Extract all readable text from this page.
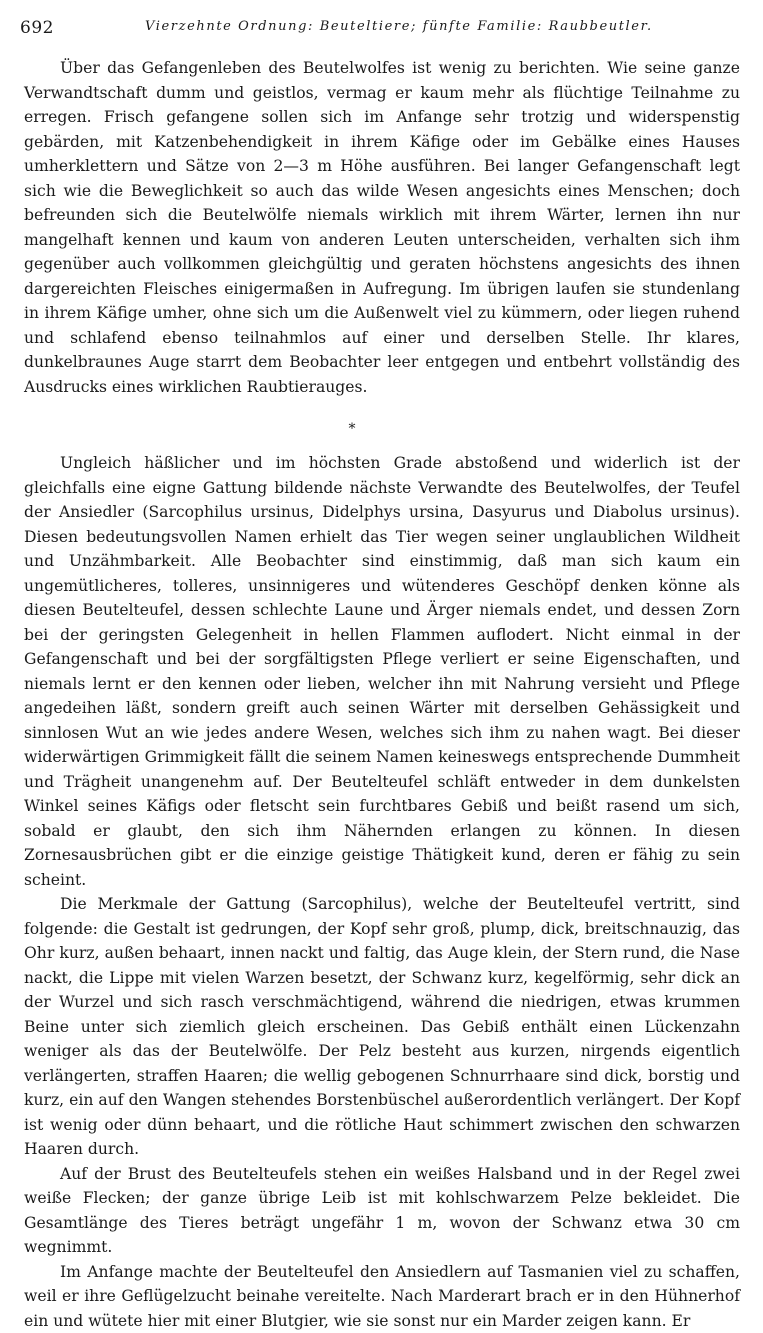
692	Vierzehnte Ordnung: Beuteltiere; fünfte Familie: Raubbeutler.

Über das Gefangenleben des Beutelwolfes ist wenig zu berichten. Wie seine ganze Verwandtschaft dumm und geistlos, vermag er kaum mehr als flüchtige Teilnahme zu erregen. Frisch gefangene sollen sich im Anfange sehr trotzig und widerspenstig gebärden, mit Katzenbehendigkeit in ihrem Käfige oder im Gebälke eines Hauses umherklettern und Sätze von 2—3 m Höhe ausführen. Bei langer Gefangenschaft legt sich wie die Beweglichkeit so auch das wilde Wesen angesichts eines Menschen; doch befreunden sich die Beutelwölfe niemals wirklich mit ihrem Wärter, lernen ihn nur mangelhaft kennen und kaum von anderen Leuten unterscheiden, verhalten sich ihm gegenüber auch vollkommen gleichgültig und geraten höchstens angesichts des ihnen dargereichten Fleisches einigermaßen in Aufregung. Im übrigen laufen sie stundenlang in ihrem Käfige umher, ohne sich um die Außenwelt viel zu kümmern, oder liegen ruhend und schlafend ebenso teilnahmlos auf einer und derselben Stelle. Ihr klares, dunkelbraunes Auge starrt dem Beobachter leer entgegen und entbehrt vollständig des Ausdrucks eines wirklichen Raubtierauges.

*

Ungleich häßlicher und im höchsten Grade abstoßend und widerlich ist der gleichfalls eine eigne Gattung bildende nächste Verwandte des Beutelwolfes, der Teufel der Ansiedler (Sarcophilus ursinus, Didelphys ursina, Dasyurus und Diabolus ursinus). Diesen bedeutungsvollen Namen erhielt das Tier wegen seiner unglaublichen Wildheit und Unzähmbarkeit. Alle Beobachter sind einstimmig, daß man sich kaum ein ungemütlicheres, tolleres, unsinnigeres und wütenderes Geschöpf denken könne als diesen Beutelteufel, dessen schlechte Laune und Ärger niemals endet, und dessen Zorn bei der geringsten Gelegenheit in hellen Flammen auflodert. Nicht einmal in der Gefangenschaft und bei der sorgfältigsten Pflege verliert er seine Eigenschaften, und niemals lernt er den kennen oder lieben, welcher ihn mit Nahrung versieht und Pflege angedeihen läßt, sondern greift auch seinen Wärter mit derselben Gehässigkeit und sinnlosen Wut an wie jedes andere Wesen, welches sich ihm zu nahen wagt. Bei dieser widerwärtigen Grimmigkeit fällt die seinem Namen keineswegs entsprechende Dummheit und Trägheit unangenehm auf. Der Beutelteufel schläft entweder in dem dunkelsten Winkel seines Käfigs oder fletscht sein furchtbares Gebiß und beißt rasend um sich, sobald er glaubt, den sich ihm Nähernden erlangen zu können. In diesen Zornesausbrüchen gibt er die einzige geistige Thätigkeit kund, deren er fähig zu sein scheint.

Die Merkmale der Gattung (Sarcophilus), welche der Beutelteufel vertritt, sind folgende: die Gestalt ist gedrungen, der Kopf sehr groß, plump, dick, breitschnauzig, das Ohr kurz, außen behaart, innen nackt und faltig, das Auge klein, der Stern rund, die Nase nackt, die Lippe mit vielen Warzen besetzt, der Schwanz kurz, kegelförmig, sehr dick an der Wurzel und sich rasch verschmächtigend, während die niedrigen, etwas krummen Beine unter sich ziemlich gleich erscheinen. Das Gebiß enthält einen Lückenzahn weniger als das der Beutelwölfe. Der Pelz besteht aus kurzen, nirgends eigentlich verlängerten, straffen Haaren; die wellig gebogenen Schnurrhaare sind dick, borstig und kurz, ein auf den Wangen stehendes Borstenbüschel außerordentlich verlängert. Der Kopf ist wenig oder dünn behaart, und die rötliche Haut schimmert zwischen den schwarzen Haaren durch.

Auf der Brust des Beutelteufels stehen ein weißes Halsband und in der Regel zwei weiße Flecken; der ganze übrige Leib ist mit kohlschwarzem Pelze bekleidet. Die Gesamtlänge des Tieres beträgt ungefähr 1 m, wovon der Schwanz etwa 30 cm wegnimmt.

Im Anfange machte der Beutelteufel den Ansiedlern auf Tasmanien viel zu schaffen, weil er ihre Geflügelzucht beinahe vereitelte. Nach Marderart brach er in den Hühnerhof ein und wütete hier mit einer Blutgier, wie sie sonst nur ein Marder zeigen kann. Er
